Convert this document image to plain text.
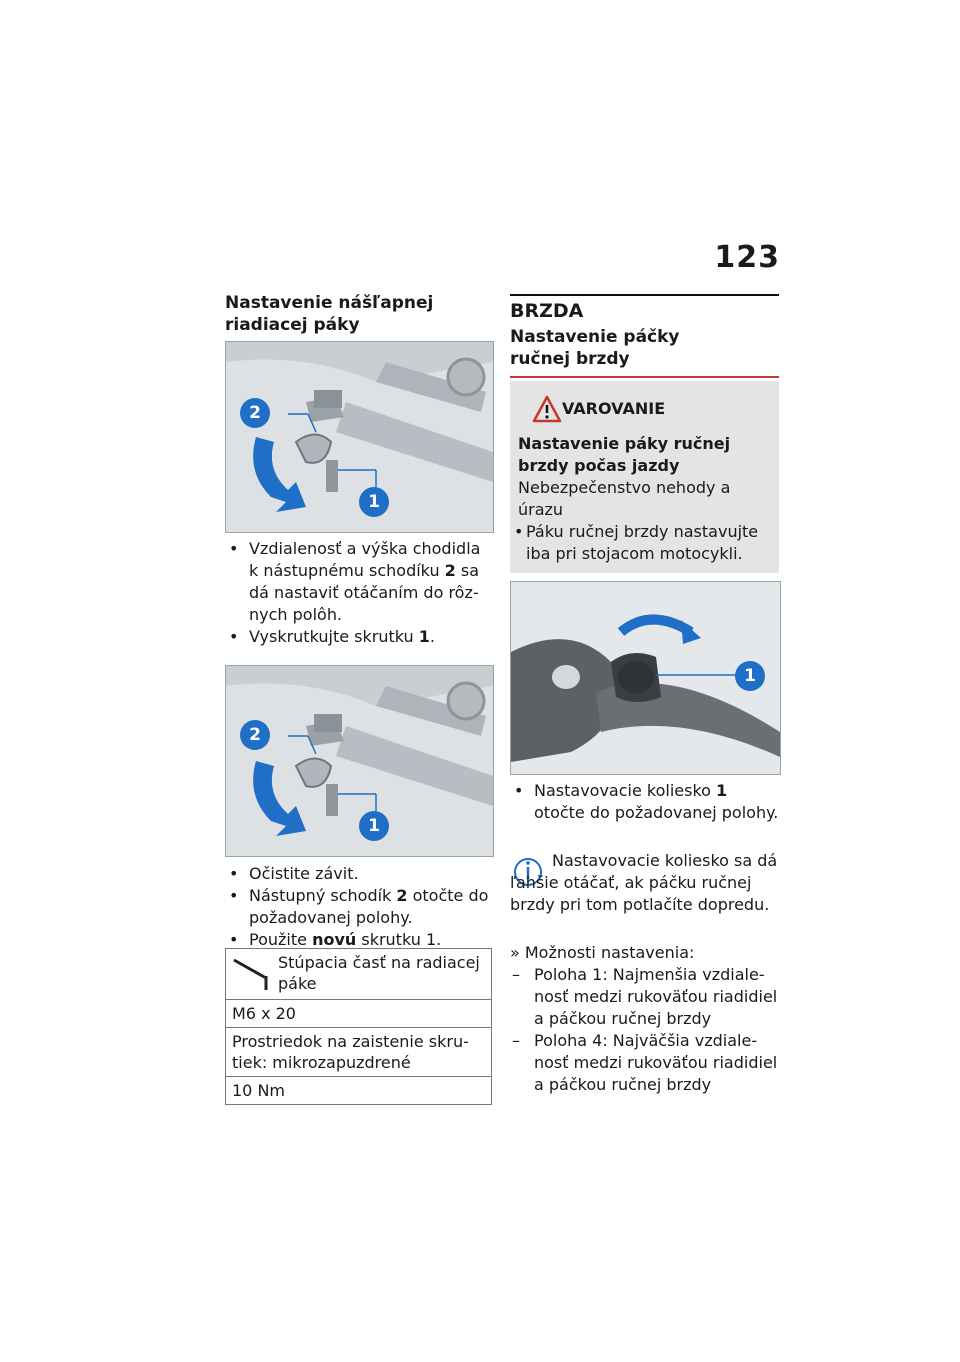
123
Nastavenie nášľapnej riadiacej páky
2
1
• Vzdialenosť a výška chodidla k nástupnému schodíku 2 sa dá nastaviť otáčaním do rôz-nych polôh.
• Vyskrutkujte skrutku 1.
2
1
• Očistite závit.
• Nástupný schodík 2 otočte do požadovanej polohy.
• Použite novú skrutku 1.
Stúpacia časť na radiacej páke

M6 x 20
Prostriedok na zaistenie skru-tiek: mikrozapuzdrené
10 Nm
BRZDA
Nastavenie páčky ručnej brzdy
VAROVANIE
Nastavenie páky ručnej brzdy počas jazdy
Nebezpečenstvo nehody a úrazu
• Páku ručnej brzdy nastavujte iba pri stojacom motocykli.
1
• Nastavovacie koliesko 1 otočte do požadovanej polohy.
Nastavovacie koliesko sa dá ľahšie otáčať, ak páčku ručnej brzdy pri tom potlačíte dopredu.
» Možnosti nastavenia:
– Poloha 1: Najmenšia vzdiale-nosť medzi rukoväťou riadidiel a páčkou ručnej brzdy
– Poloha 4: Najväčšia vzdiale-nosť medzi rukoväťou riadidiel a páčkou ručnej brzdy
